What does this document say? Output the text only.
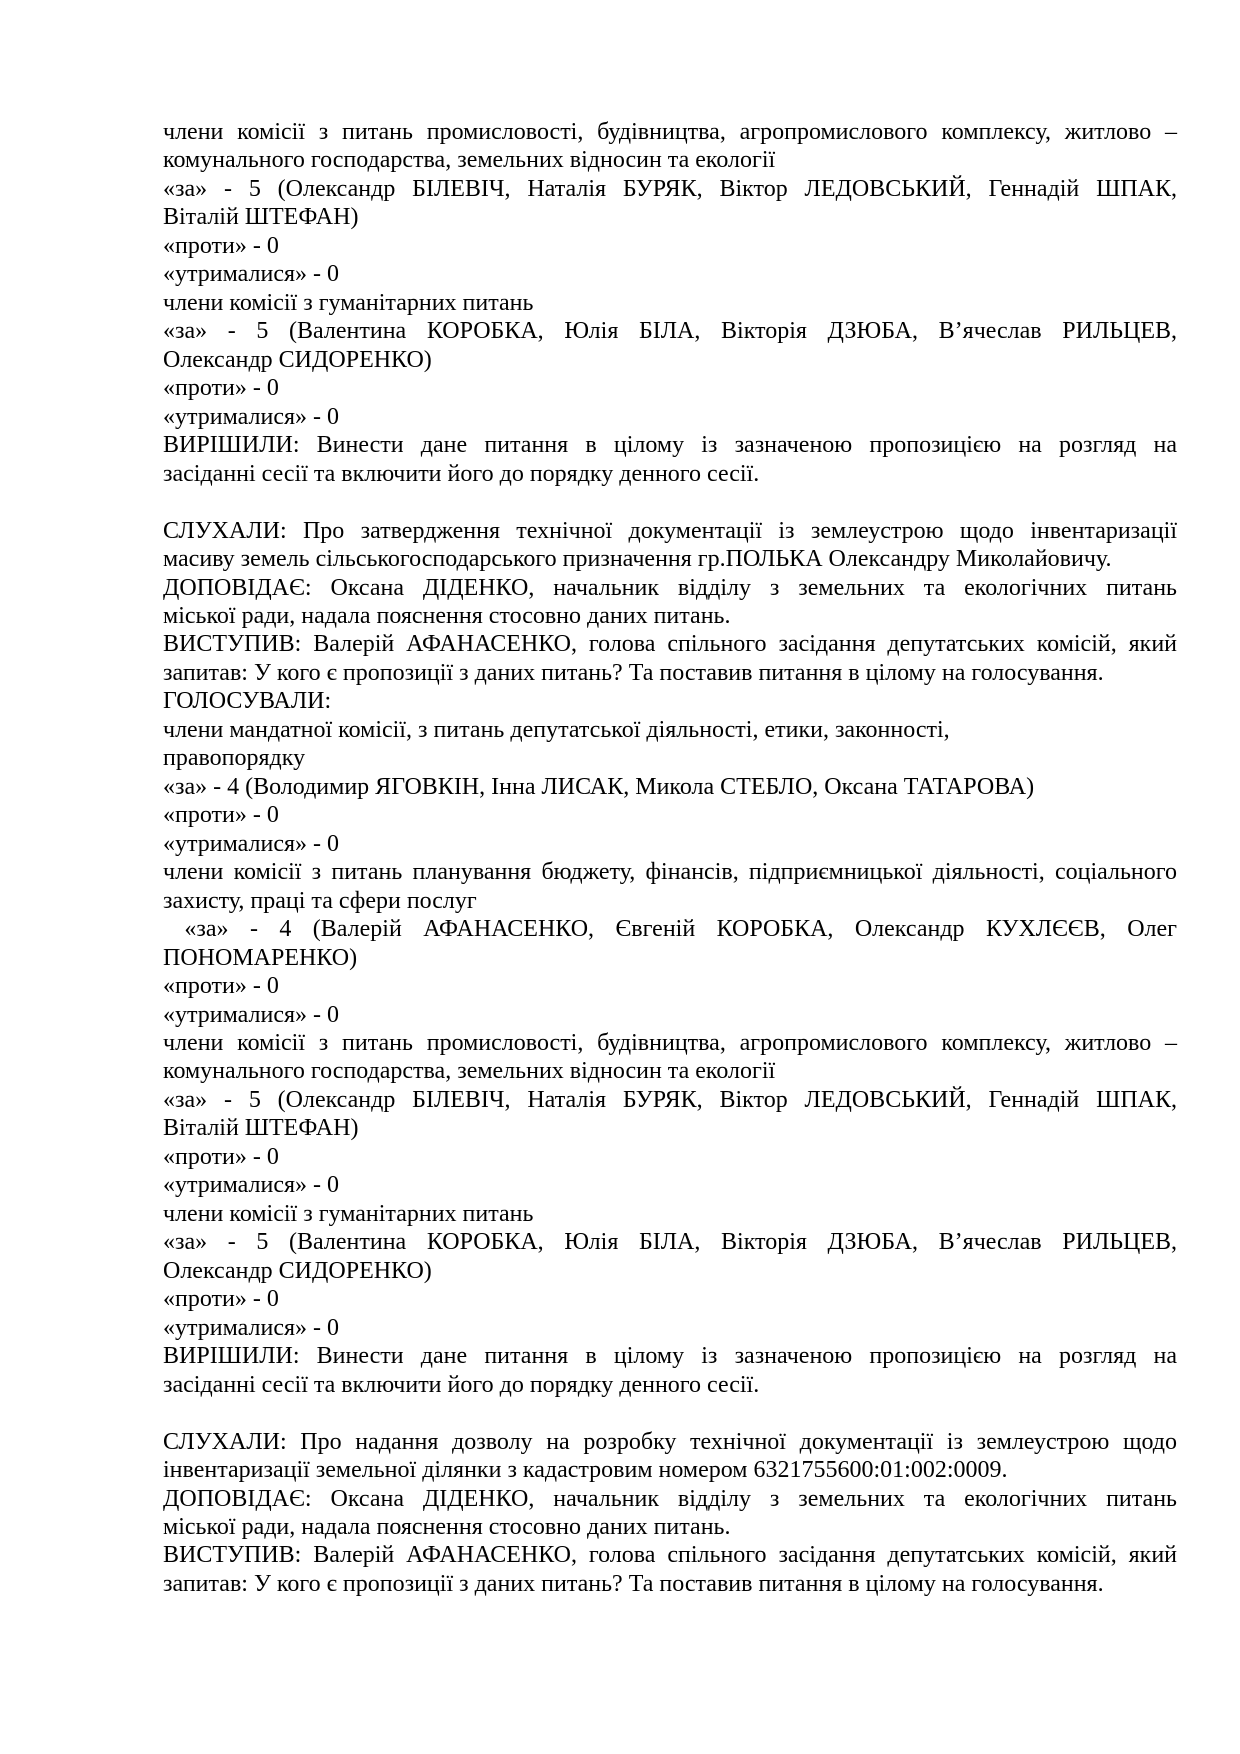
члени комісії з питань промисловості, будівництва, агропромислового комплексу, житлово –
комунального господарства, земельних відносин та екології
«за» - 5 (Олександр БІЛЕВІЧ, Наталія БУРЯК, Віктор ЛЕДОВСЬКИЙ, Геннадій ШПАК,
Віталій ШТЕФАН)
«проти» - 0
«утрималися» - 0
члени комісії з гуманітарних питань
«за» - 5 (Валентина КОРОБКА, Юлія БІЛА, Вікторія ДЗЮБА, В’ячеслав РИЛЬЦЕВ,
Олександр СИДОРЕНКО)
«проти» - 0
«утрималися» - 0
ВИРІШИЛИ: Винести дане питання в цілому із зазначеною пропозицією на розгляд на
засіданні сесії та включити його до порядку денного сесії.
СЛУХАЛИ: Про затвердження технічної документації із землеустрою щодо інвентаризації
масиву земель сільськогосподарського призначення гр.ПОЛЬКА Олександру Миколайовичу.
ДОПОВІДАЄ: Оксана ДІДЕНКО, начальник відділу з земельних та екологічних питань
міської ради, надала пояснення стосовно даних питань.
ВИСТУПИВ: Валерій АФАНАСЕНКО, голова спільного засідання депутатських комісій, який
запитав: У кого є пропозиції з даних питань? Та поставив питання в цілому на голосування.
ГОЛОСУВАЛИ:
члени мандатної комісії, з питань депутатської діяльності, етики, законності,
правопорядку
«за» - 4 (Володимир ЯГОВКІН, Інна ЛИСАК, Микола СТЕБЛО, Оксана ТАТАРОВА)
«проти» - 0
«утрималися» - 0
члени комісії з питань планування бюджету, фінансів, підприємницької діяльності, соціального
захисту, праці та сфери послуг
«за» - 4 (Валерій АФАНАСЕНКО, Євгеній КОРОБКА, Олександр КУХЛЄЄВ, Олег
ПОНОМАРЕНКО)
«проти» - 0
«утрималися» - 0
члени комісії з питань промисловості, будівництва, агропромислового комплексу, житлово –
комунального господарства, земельних відносин та екології
«за» - 5 (Олександр БІЛЕВІЧ, Наталія БУРЯК, Віктор ЛЕДОВСЬКИЙ, Геннадій ШПАК,
Віталій ШТЕФАН)
«проти» - 0
«утрималися» - 0
члени комісії з гуманітарних питань
«за» - 5 (Валентина КОРОБКА, Юлія БІЛА, Вікторія ДЗЮБА, В’ячеслав РИЛЬЦЕВ,
Олександр СИДОРЕНКО)
«проти» - 0
«утрималися» - 0
ВИРІШИЛИ: Винести дане питання в цілому із зазначеною пропозицією на розгляд на
засіданні сесії та включити його до порядку денного сесії.
СЛУХАЛИ: Про надання дозволу на розробку технічної документації із землеустрою щодо
інвентаризації земельної ділянки з кадастровим номером 6321755600:01:002:0009.
ДОПОВІДАЄ: Оксана ДІДЕНКО, начальник відділу з земельних та екологічних питань
міської ради, надала пояснення стосовно даних питань.
ВИСТУПИВ: Валерій АФАНАСЕНКО, голова спільного засідання депутатських комісій, який
запитав: У кого є пропозиції з даних питань? Та поставив питання в цілому на голосування.
